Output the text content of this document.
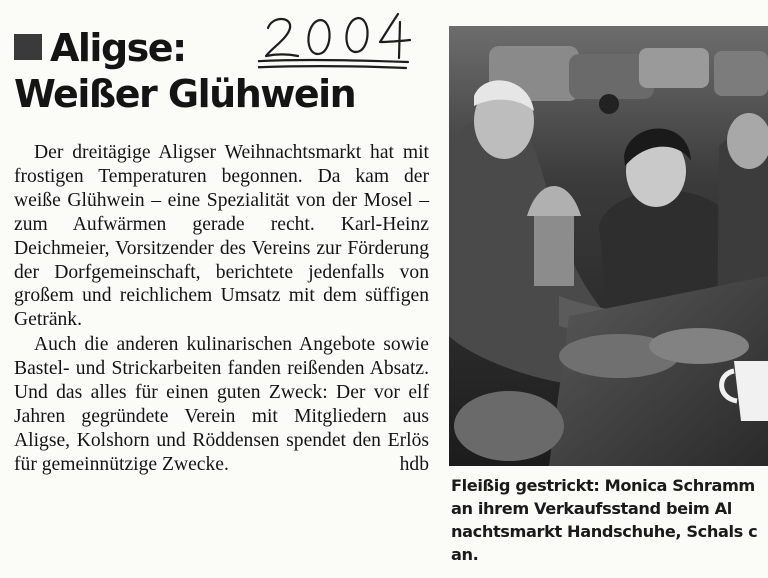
Aligse:
Weißer Glühwein

Der dreitägige Aligser Weihnachtsmarkt hat mit frostigen Temperaturen begonnen. Da kam der weiße Glühwein – eine Spezialität von der Mosel – zum Aufwärmen gerade recht. Karl-Heinz Deichmeier, Vorsitzender des Vereins zur Förderung der Dorfgemeinschaft, berichtete jedenfalls von großem und reichlichem Umsatz mit dem süffigen Getränk.

Auch die anderen kulinarischen Angebote sowie Bastel- und Strickarbeiten fanden reißenden Absatz. Und das alles für einen guten Zweck: Der vor elf Jahren gegründete Verein mit Mitgliedern aus Aligse, Kolshorn und Röddensen spendet den Erlös für gemeinnützige Zwecke.	hdb

Fleißig gestrickt: Monica Schramm
an ihrem Verkaufsstand beim Al
nachtsmarkt Handschuhe, Schals c
an.
